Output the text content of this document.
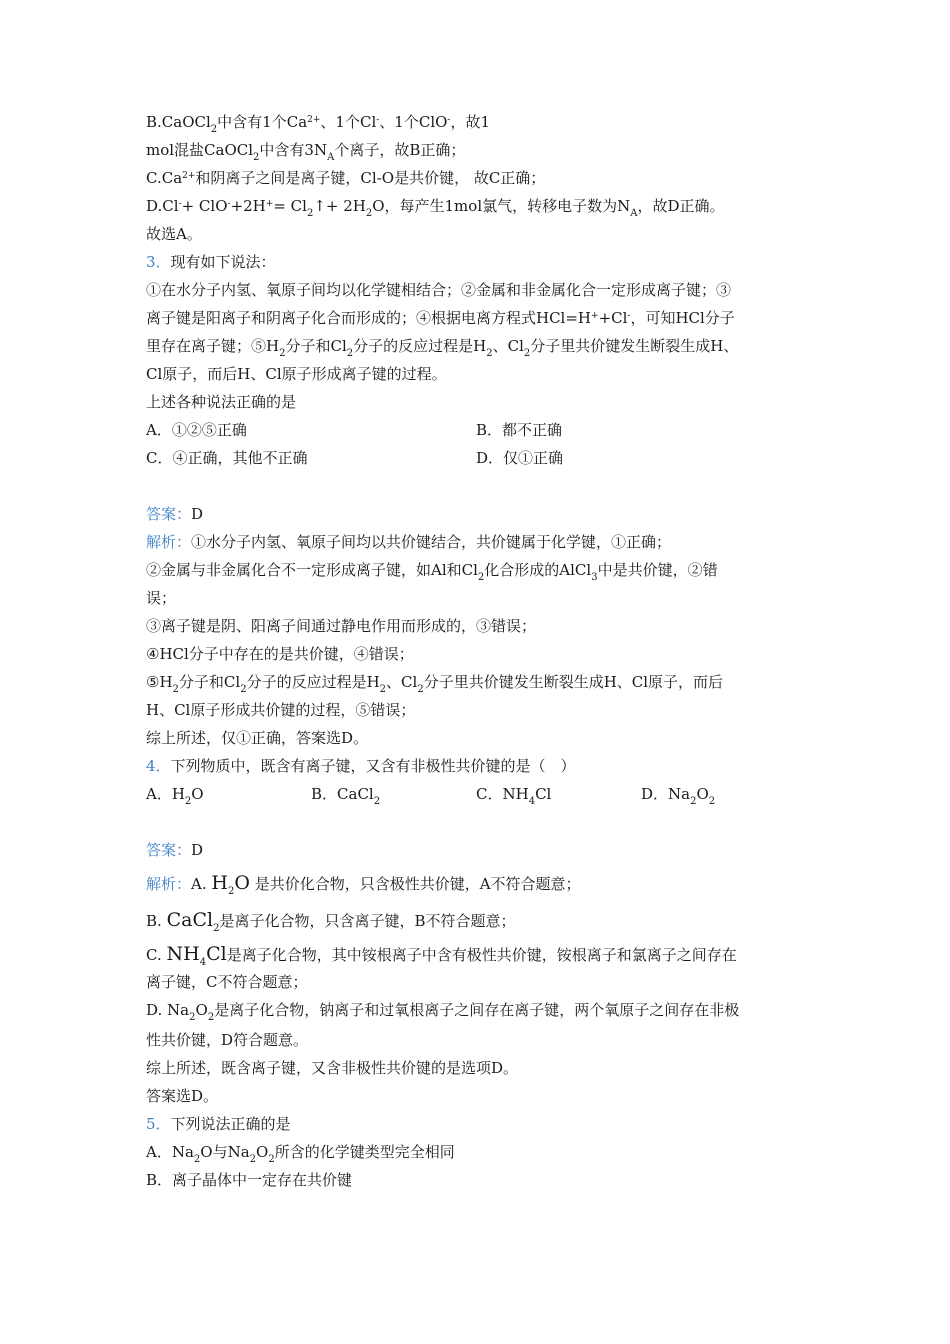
B.CaOCl$_2$中含有1个$Ca^{2+}$、1个Cl-、1个ClO-，故1
mol混盐CaOCl$_2$中含有$3N_A$个离子，故B正确；
$C.Ca^{2+}$和阴离子之间是离子键，Cl-O是共价键， 故C正确；
$D.Cl^-+ ClO^-+2H^+= Cl_2↑+ 2H_2O$，每产生1mol氯气，转移电子数为$N_A$，故D正确。
故选A。
3．现有如下说法：
①在水分子内氢、氧原子间均以化学键相结合；②金属和非金属化合一定形成离子键；③
离子键是阳离子和阴离子化合而形成的；④根据电离方程式HCl=H++Cl-，可知HCl分子
里存在离子键；$⑤H_2$分子和$Cl_2$分子的反应过程是$H_2$、$Cl_2$分子里共价键发生断裂生成H、
Cl原子，而后H、Cl原子形成离子键的过程。
上述各种说法正确的是
A．①②⑤正确	B．都不正确
C．④正确，其他不正确	D．仅①正确
答案：D
解析：①水分子内氢、氧原子间均以共价键结合，共价键属于化学键，①正确；
②金属与非金属化合不一定形成离子键，如Al和$Cl_2$化合形成的AlCl$_3$中是共价键，②错
误；
③离子键是阴、阳离子间通过静电作用而形成的，③错误；
④HCl分子中存在的是共价键，④错误；
$⑤H_2$分子和$Cl_2$分子的反应过程是$H_2$、$Cl_2$分子里共价键发生断裂生成H、Cl原子，而后
H、Cl原子形成共价键的过程，⑤错误；
综上所述，仅①正确，答案选D。
4．下列物质中，既含有离子键，又含有非极性共价键的是（　）
A．$H_2O$	B．CaCl$_2$	C．$NH_4Cl$	D．$Na_2O_2$
答案：D
解析：A. $H_2O$ 是共价化合物，只含极性共价键，A不符合题意；
B. CaCl$_2$是离子化合物，只含离子键，B不符合题意；
C. $NH_4Cl$是离子化合物，其中铵根离子中含有极性共价键，铵根离子和氯离子之间存在
离子键，C不符合题意；
D. $Na_2O_2$是离子化合物，钠离子和过氧根离子之间存在离子键，两个氧原子之间存在非极
性共价键，D符合题意。
综上所述，既含离子键，又含非极性共价键的是选项D。
答案选D。
5．下列说法正确的是
A．$Na_2O$与$Na_2O_2$所含的化学键类型完全相同
B．离子晶体中一定存在共价键
